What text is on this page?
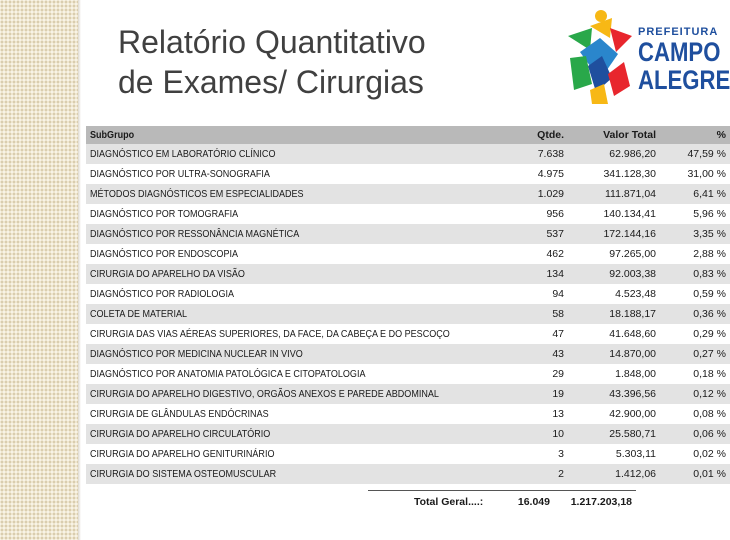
Relatório Quantitativo
de Exames/ Cirurgias
PREFEITURA
CAMPO
ALEGRE
SubGrupo	Qtde.	Valor Total	%
DIAGNÓSTICO EM LABORATÓRIO CLÍNICO	7.638	62.986,20	47,59 %
DIAGNÓSTICO POR ULTRA-SONOGRAFIA	4.975	341.128,30	31,00 %
MÉTODOS DIAGNÓSTICOS EM ESPECIALIDADES	1.029	111.871,04	6,41 %
DIAGNÓSTICO POR TOMOGRAFIA	956	140.134,41	5,96 %
DIAGNÓSTICO POR RESSONÂNCIA MAGNÉTICA	537	172.144,16	3,35 %
DIAGNÓSTICO POR ENDOSCOPIA	462	97.265,00	2,88 %
CIRURGIA DO APARELHO DA VISÃO	134	92.003,38	0,83 %
DIAGNÓSTICO POR RADIOLOGIA	94	4.523,48	0,59 %
COLETA DE MATERIAL	58	18.188,17	0,36 %
CIRURGIA DAS VIAS AÉREAS SUPERIORES, DA FACE, DA CABEÇA E DO PESCOÇO	47	41.648,60	0,29 %
DIAGNÓSTICO POR MEDICINA NUCLEAR IN VIVO	43	14.870,00	0,27 %
DIAGNÓSTICO POR ANATOMIA PATOLÓGICA E CITOPATOLOGIA	29	1.848,00	0,18 %
CIRURGIA DO APARELHO DIGESTIVO, ORGÃOS ANEXOS E PAREDE ABDOMINAL	19	43.396,56	0,12 %
CIRURGIA DE GLÂNDULAS ENDÓCRINAS	13	42.900,00	0,08 %
CIRURGIA DO APARELHO CIRCULATÓRIO	10	25.580,71	0,06 %
CIRURGIA DO APARELHO GENITURINÁRIO	3	5.303,11	0,02 %
CIRURGIA DO SISTEMA OSTEOMUSCULAR	2	1.412,06	0,01 %
Total Geral....:	16.049	1.217.203,18
